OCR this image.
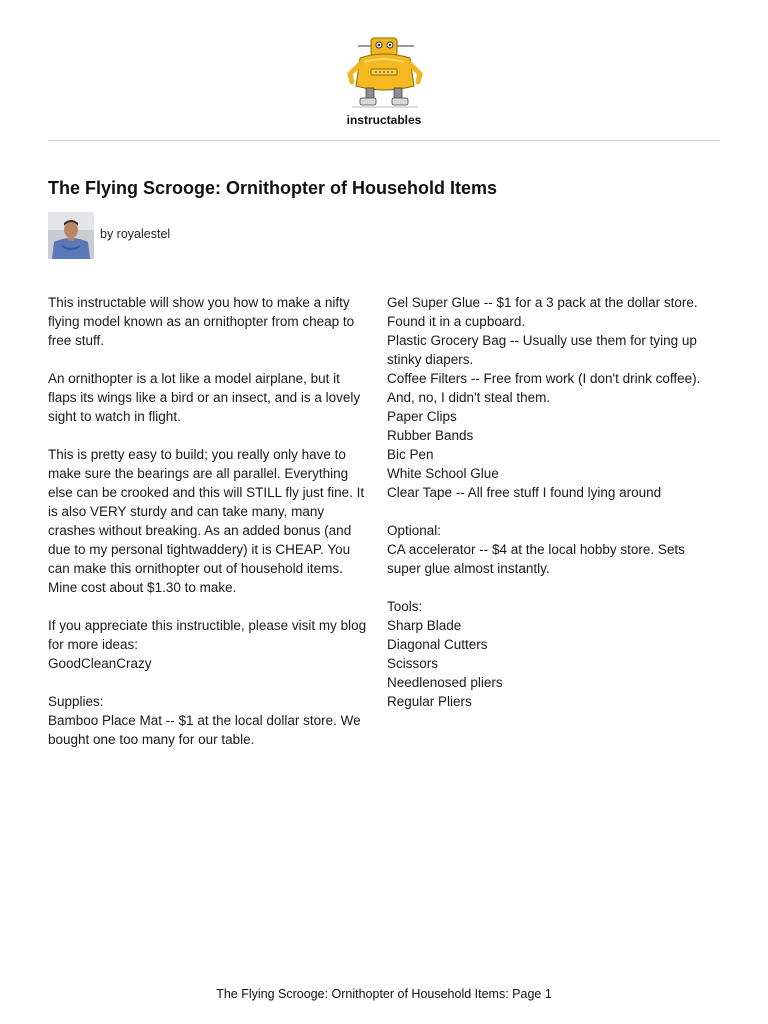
instructables
The Flying Scrooge: Ornithopter of Household Items
by royalestel
This instructable will show you how to make a nifty
flying model known as an ornithopter from cheap to
free stuff.
An ornithopter is a lot like a model airplane, but it
flaps its wings like a bird or an insect, and is a lovely
sight to watch in flight.
This is pretty easy to build; you really only have to
make sure the bearings are all parallel. Everything
else can be crooked and this will STILL fly just fine. It
is also VERY sturdy and can take many, many
crashes without breaking. As an added bonus (and
due to my personal tightwaddery) it is CHEAP. You
can make this ornithopter out of household items.
Mine cost about $1.30 to make.
If you appreciate this instructible, please visit my blog
for more ideas:
GoodCleanCrazy
Supplies:
Bamboo Place Mat -- $1 at the local dollar store. We
bought one too many for our table.
Gel Super Glue -- $1 for a 3 pack at the dollar store.
Found it in a cupboard.
Plastic Grocery Bag -- Usually use them for tying up
stinky diapers.
Coffee Filters -- Free from work (I don't drink coffee).
And, no, I didn't steal them.
Paper Clips
Rubber Bands
Bic Pen
White School Glue
Clear Tape -- All free stuff I found lying around
Optional:
CA accelerator -- $4 at the local hobby store. Sets
super glue almost instantly.
Tools:
Sharp Blade
Diagonal Cutters
Scissors
Needlenosed pliers
Regular Pliers
The Flying Scrooge: Ornithopter of Household Items: Page 1
